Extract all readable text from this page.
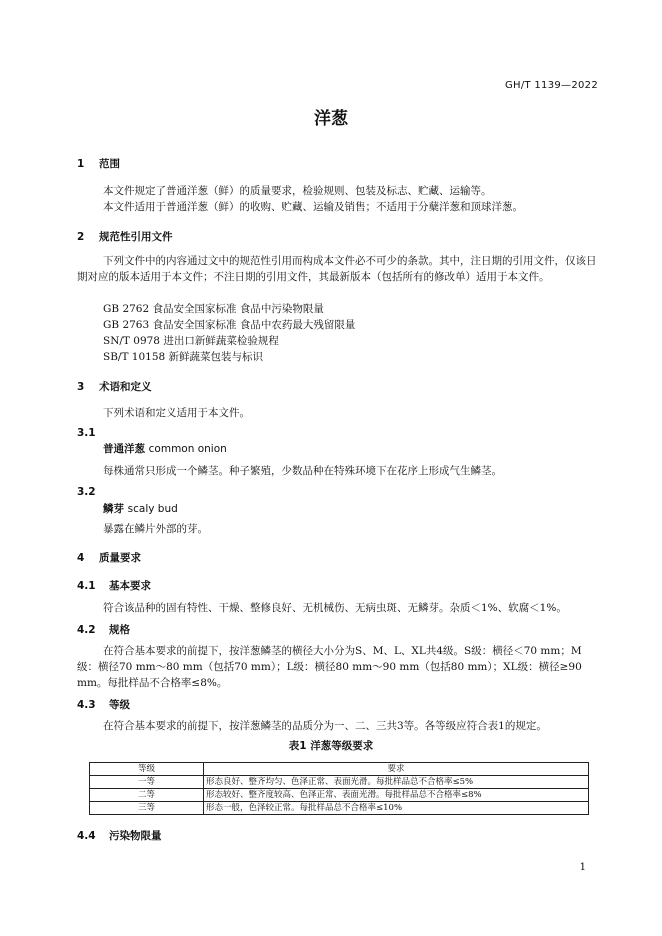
GH/T 1139—2022
洋葱
1 范围
本文件规定了普通洋葱（鲜）的质量要求，检验规则、包装及标志、贮藏、运输等。
本文件适用于普通洋葱（鲜）的收购、贮藏、运输及销售；不适用于分蘖洋葱和顶球洋葱。
2 规范性引用文件
下列文件中的内容通过文中的规范性引用而构成本文件必不可少的条款。其中，注日期的引用文件，仅该日期对应的版本适用于本文件；不注日期的引用文件，其最新版本（包括所有的修改单）适用于本文件。
GB 2762 食品安全国家标准 食品中污染物限量
GB 2763 食品安全国家标准 食品中农药最大残留限量
SN/T 0978 进出口新鲜蔬菜检验规程
SB/T 10158 新鲜蔬菜包装与标识
3 术语和定义
下列术语和定义适用于本文件。
3.1
普通洋葱 common onion
每株通常只形成一个鳞茎。种子繁殖，少数品种在特殊环境下在花序上形成气生鳞茎。
3.2
鳞芽 scaly bud
暴露在鳞片外部的芽。
4 质量要求
4.1 基本要求
符合该品种的固有特性、干燥、整修良好、无机械伤、无病虫斑、无鳞芽。杂质＜1%、软腐＜1%。
4.2 规格
在符合基本要求的前提下，按洋葱鳞茎的横径大小分为S、M、L、XL共4级。S级：横径＜70 mm；M级：横径70 mm～80 mm（包括70 mm）；L级：横径80 mm～90 mm（包括80 mm）；XL级：横径≥90 mm。每批样品不合格率≤8%。
4.3 等级
在符合基本要求的前提下，按洋葱鳞茎的品质分为一、二、三共3等。各等级应符合表1的规定。
表1 洋葱等级要求
等级	要求
一等	形态良好、整齐均匀、色泽正常、表面光滑。每批样品总不合格率≤5%
二等	形态较好、整齐度较高、色泽正常、表面光滑。每批样品总不合格率≤8%
三等	形态一般，色泽较正常。每批样品总不合格率≤10%
4.4 污染物限量
1
